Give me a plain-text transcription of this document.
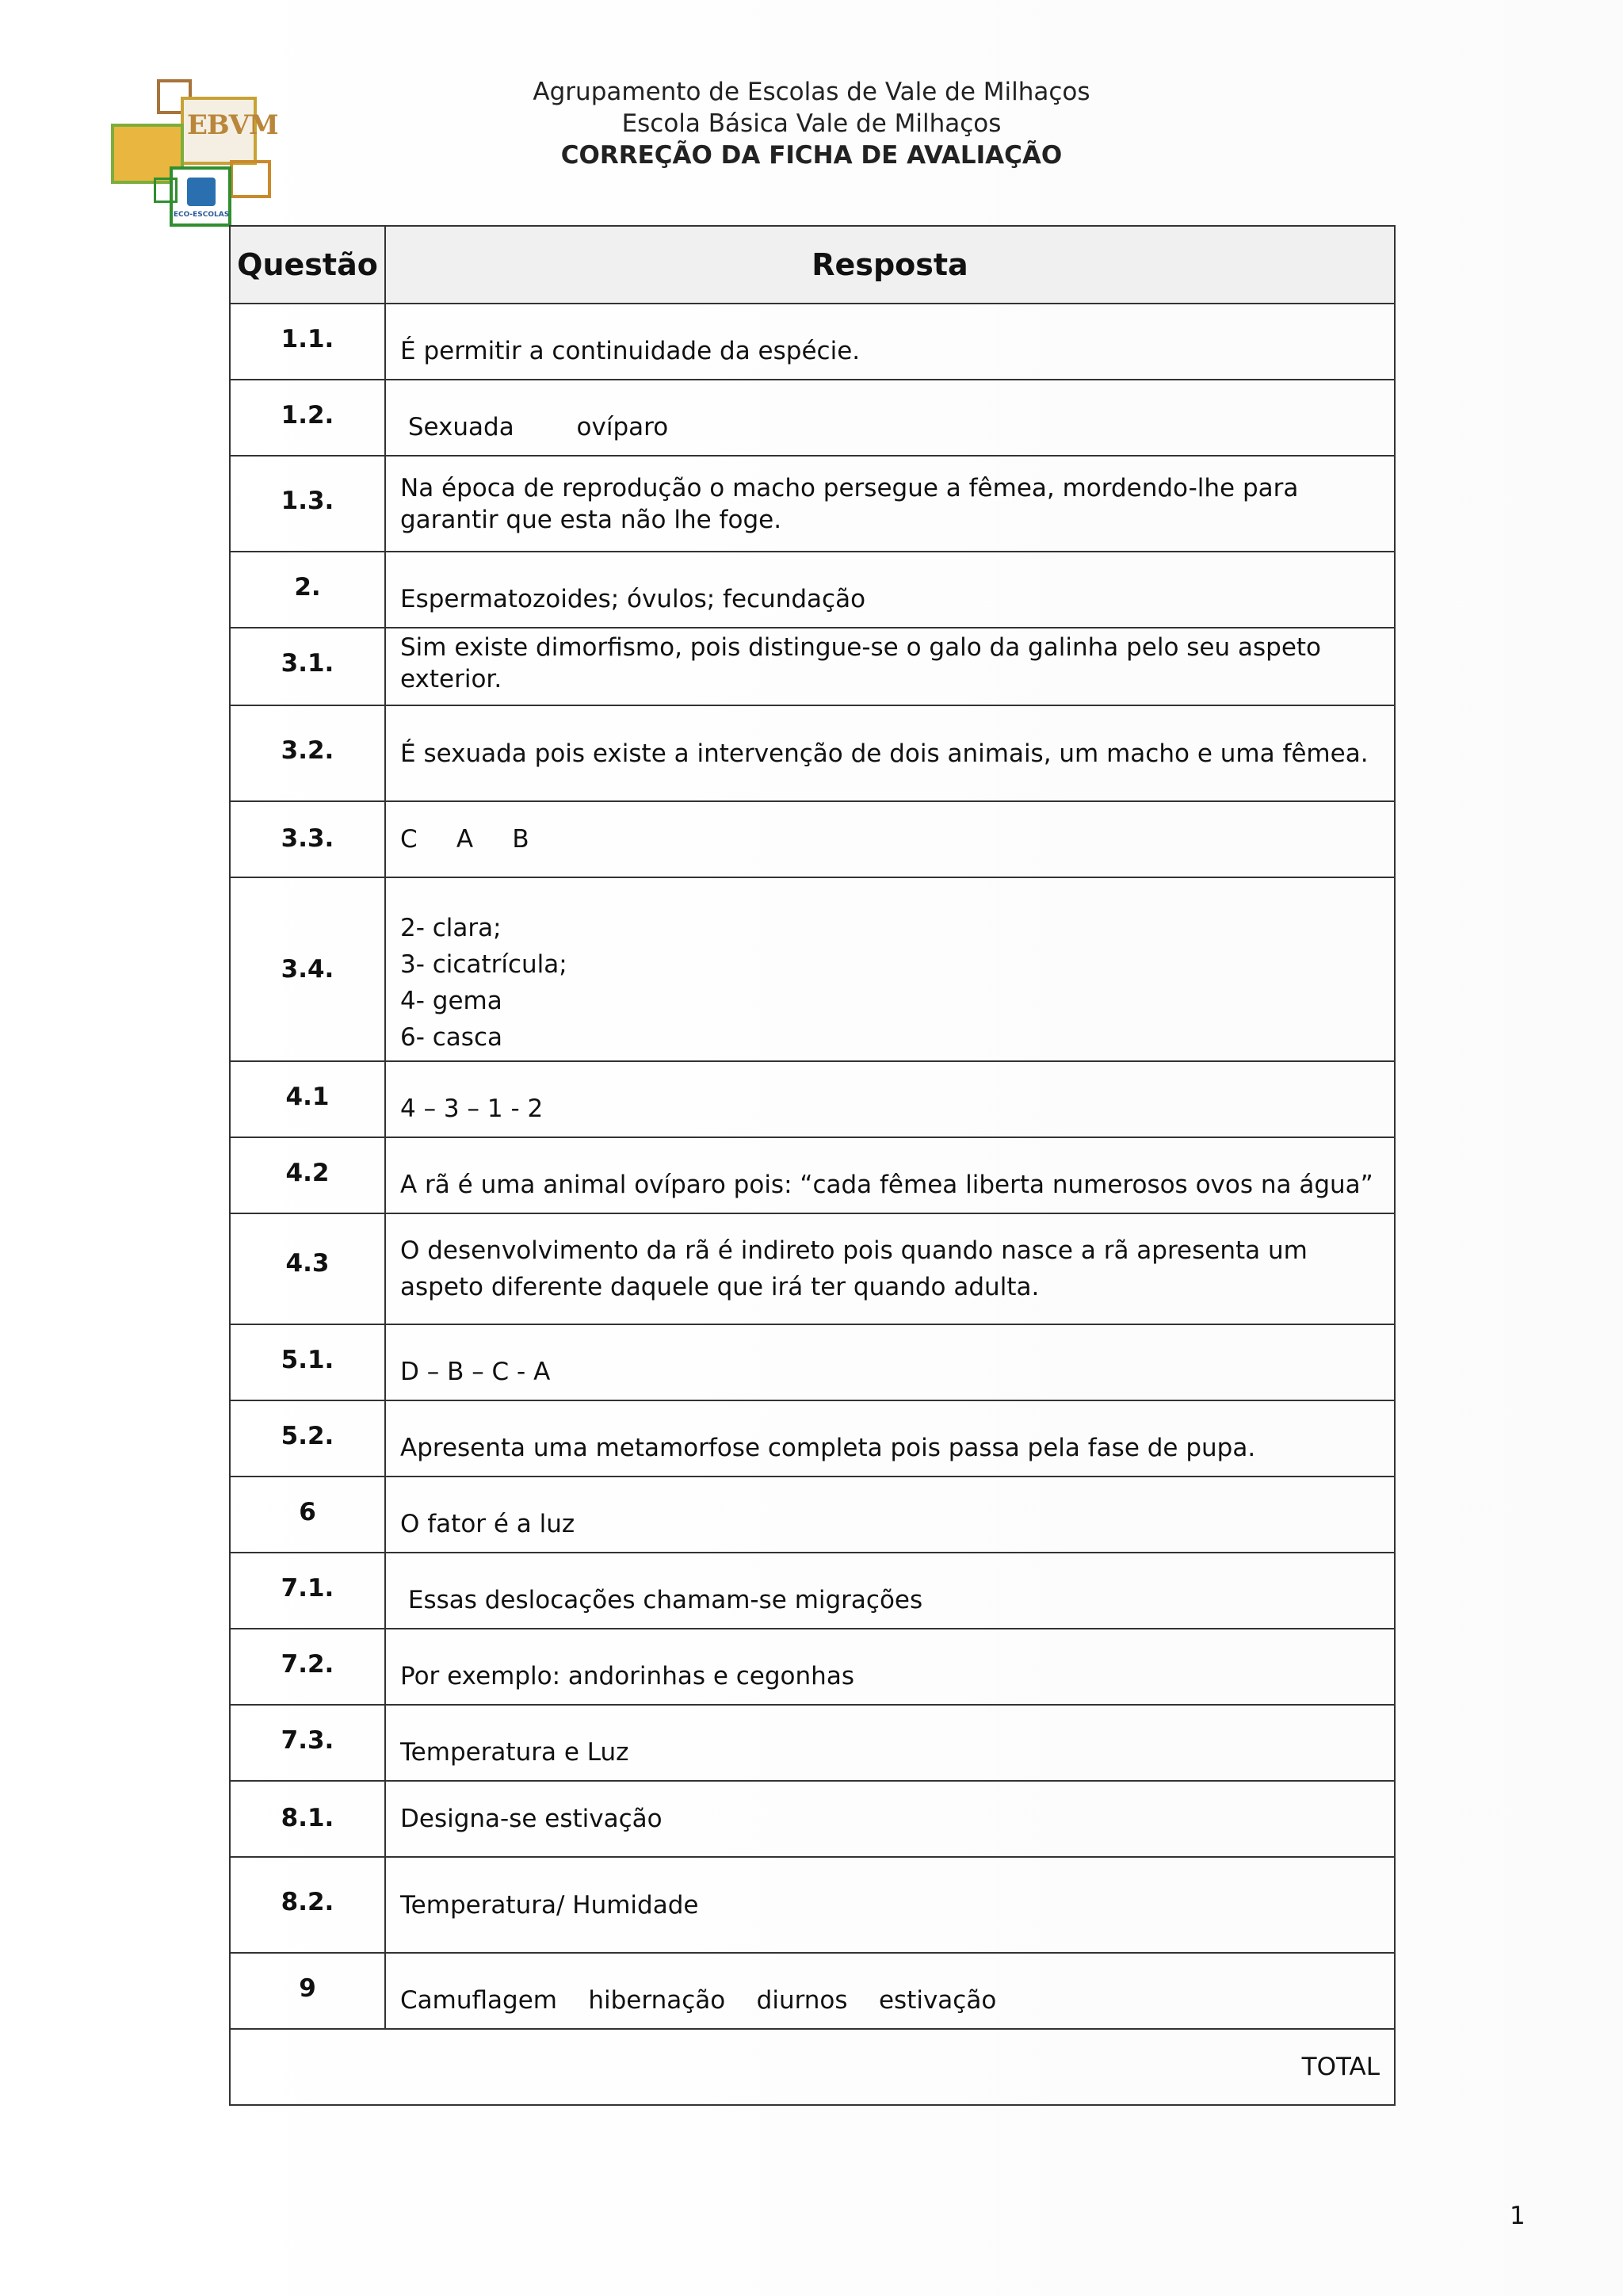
EBVM
ECO-ESCOLAS
Agrupamento de Escolas de Vale de Milhaços
Escola Básica Vale de Milhaços
CORREÇÃO DA FICHA DE AVALIAÇÃO
Questão	Resposta
1.1.	É permitir a continuidade da espécie.

1.2.	Sexuada        ovíparo

1.3.	Na época de reprodução o macho persegue a fêmea, mordendo-lhe para
garantir que esta não lhe foge.

2.	Espermatozoides; óvulos; fecundação

3.1.	Sim existe dimorfismo, pois distingue-se o galo da galinha pelo seu aspeto
exterior.

3.2.	É sexuada pois existe a intervenção de dois animais, um macho e uma fêmea.

3.3.	C     A     B

3.4.	2- clara;
3- cicatrícula;
4- gema
6- casca

4.1	4 – 3 – 1 - 2

4.2	A rã é uma animal ovíparo pois: “cada fêmea liberta numerosos ovos na água”

4.3	O desenvolvimento da rã é indireto pois quando nasce a rã apresenta um
aspeto diferente daquele que irá ter quando adulta.

5.1.	D – B – C - A

5.2.	Apresenta uma metamorfose completa pois passa pela fase de pupa.

6	O fator é a luz

7.1.	Essas deslocações chamam-se migrações

7.2.	Por exemplo: andorinhas e cegonhas

7.3.	Temperatura e Luz

8.1.	Designa-se estivação

8.2.	Temperatura/ Humidade

9	Camuflagem    hibernação    diurnos    estivação

TOTAL	
1
